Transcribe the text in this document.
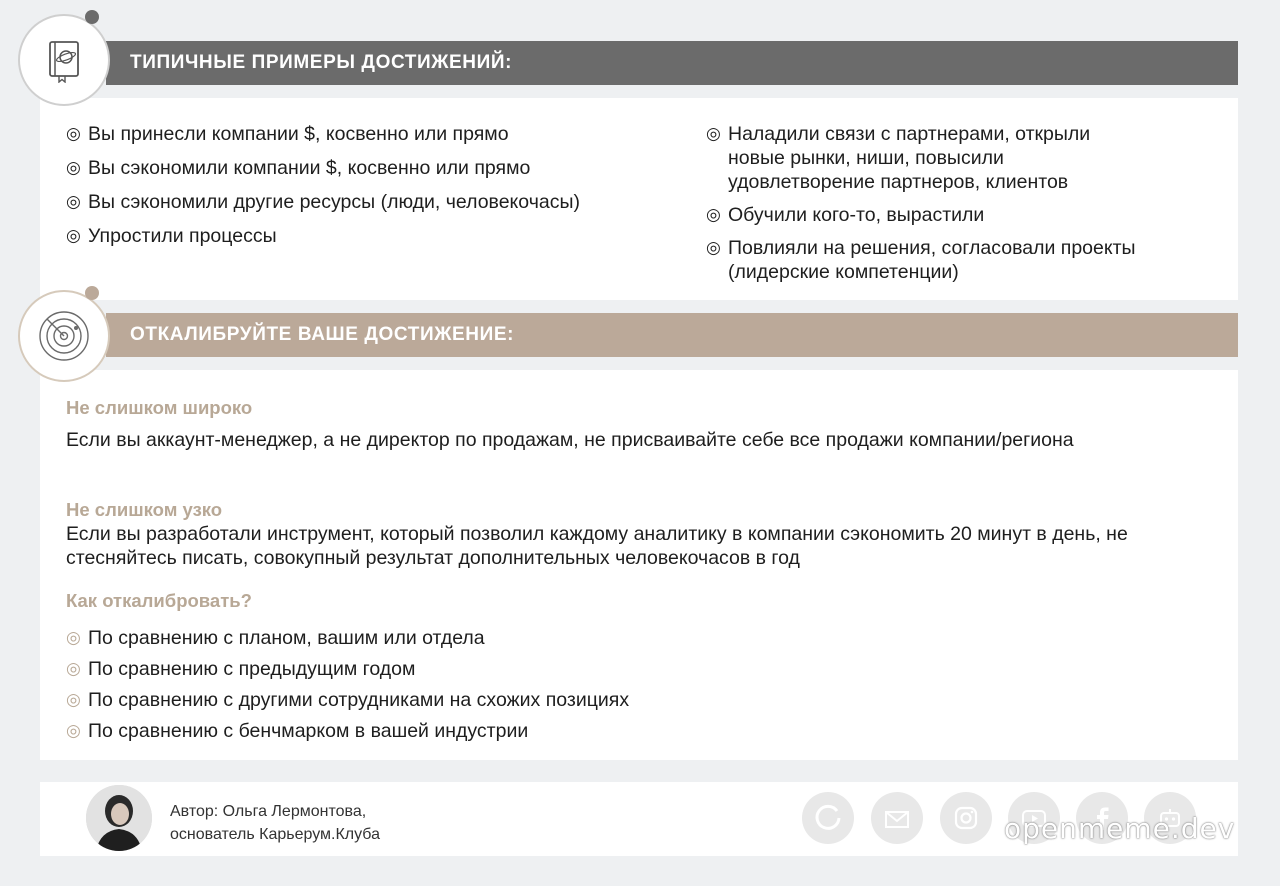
ТИПИЧНЫЕ ПРИМЕРЫ ДОСТИЖЕНИЙ:
◎ Вы принесли компании $, косвенно или прямо
◎ Вы сэкономили компании $, косвенно или прямо
◎ Вы сэкономили другие ресурсы (люди, человекочасы)
◎ Упростили процессы
◎ Наладили связи с партнерами, открыли новые рынки, ниши, повысили удовлетворение партнеров, клиентов
◎ Обучили кого-то, вырастили
◎ Повлияли на решения, согласовали проекты (лидерские компетенции)
ОТКАЛИБРУЙТЕ ВАШЕ ДОСТИЖЕНИЕ:
Не слишком широко
Если вы аккаунт-менеджер, а не директор по продажам, не присваивайте себе все продажи компании/региона
Не слишком узко
Если вы разработали инструмент, который позволил каждому аналитику в компании сэкономить 20 минут в день, не стесняйтесь писать, совокупный результат дополнительных человекочасов в год
Как откалибровать?
◎ По сравнению с планом, вашим или отдела
◎ По сравнению с предыдущим годом
◎ По сравнению с другими сотрудниками на схожих позициях
◎ По сравнению с бенчмарком в вашей индустрии
Автор: Ольга Лермонтова,
основатель Карьерум.Клуба	openmeme.dev
